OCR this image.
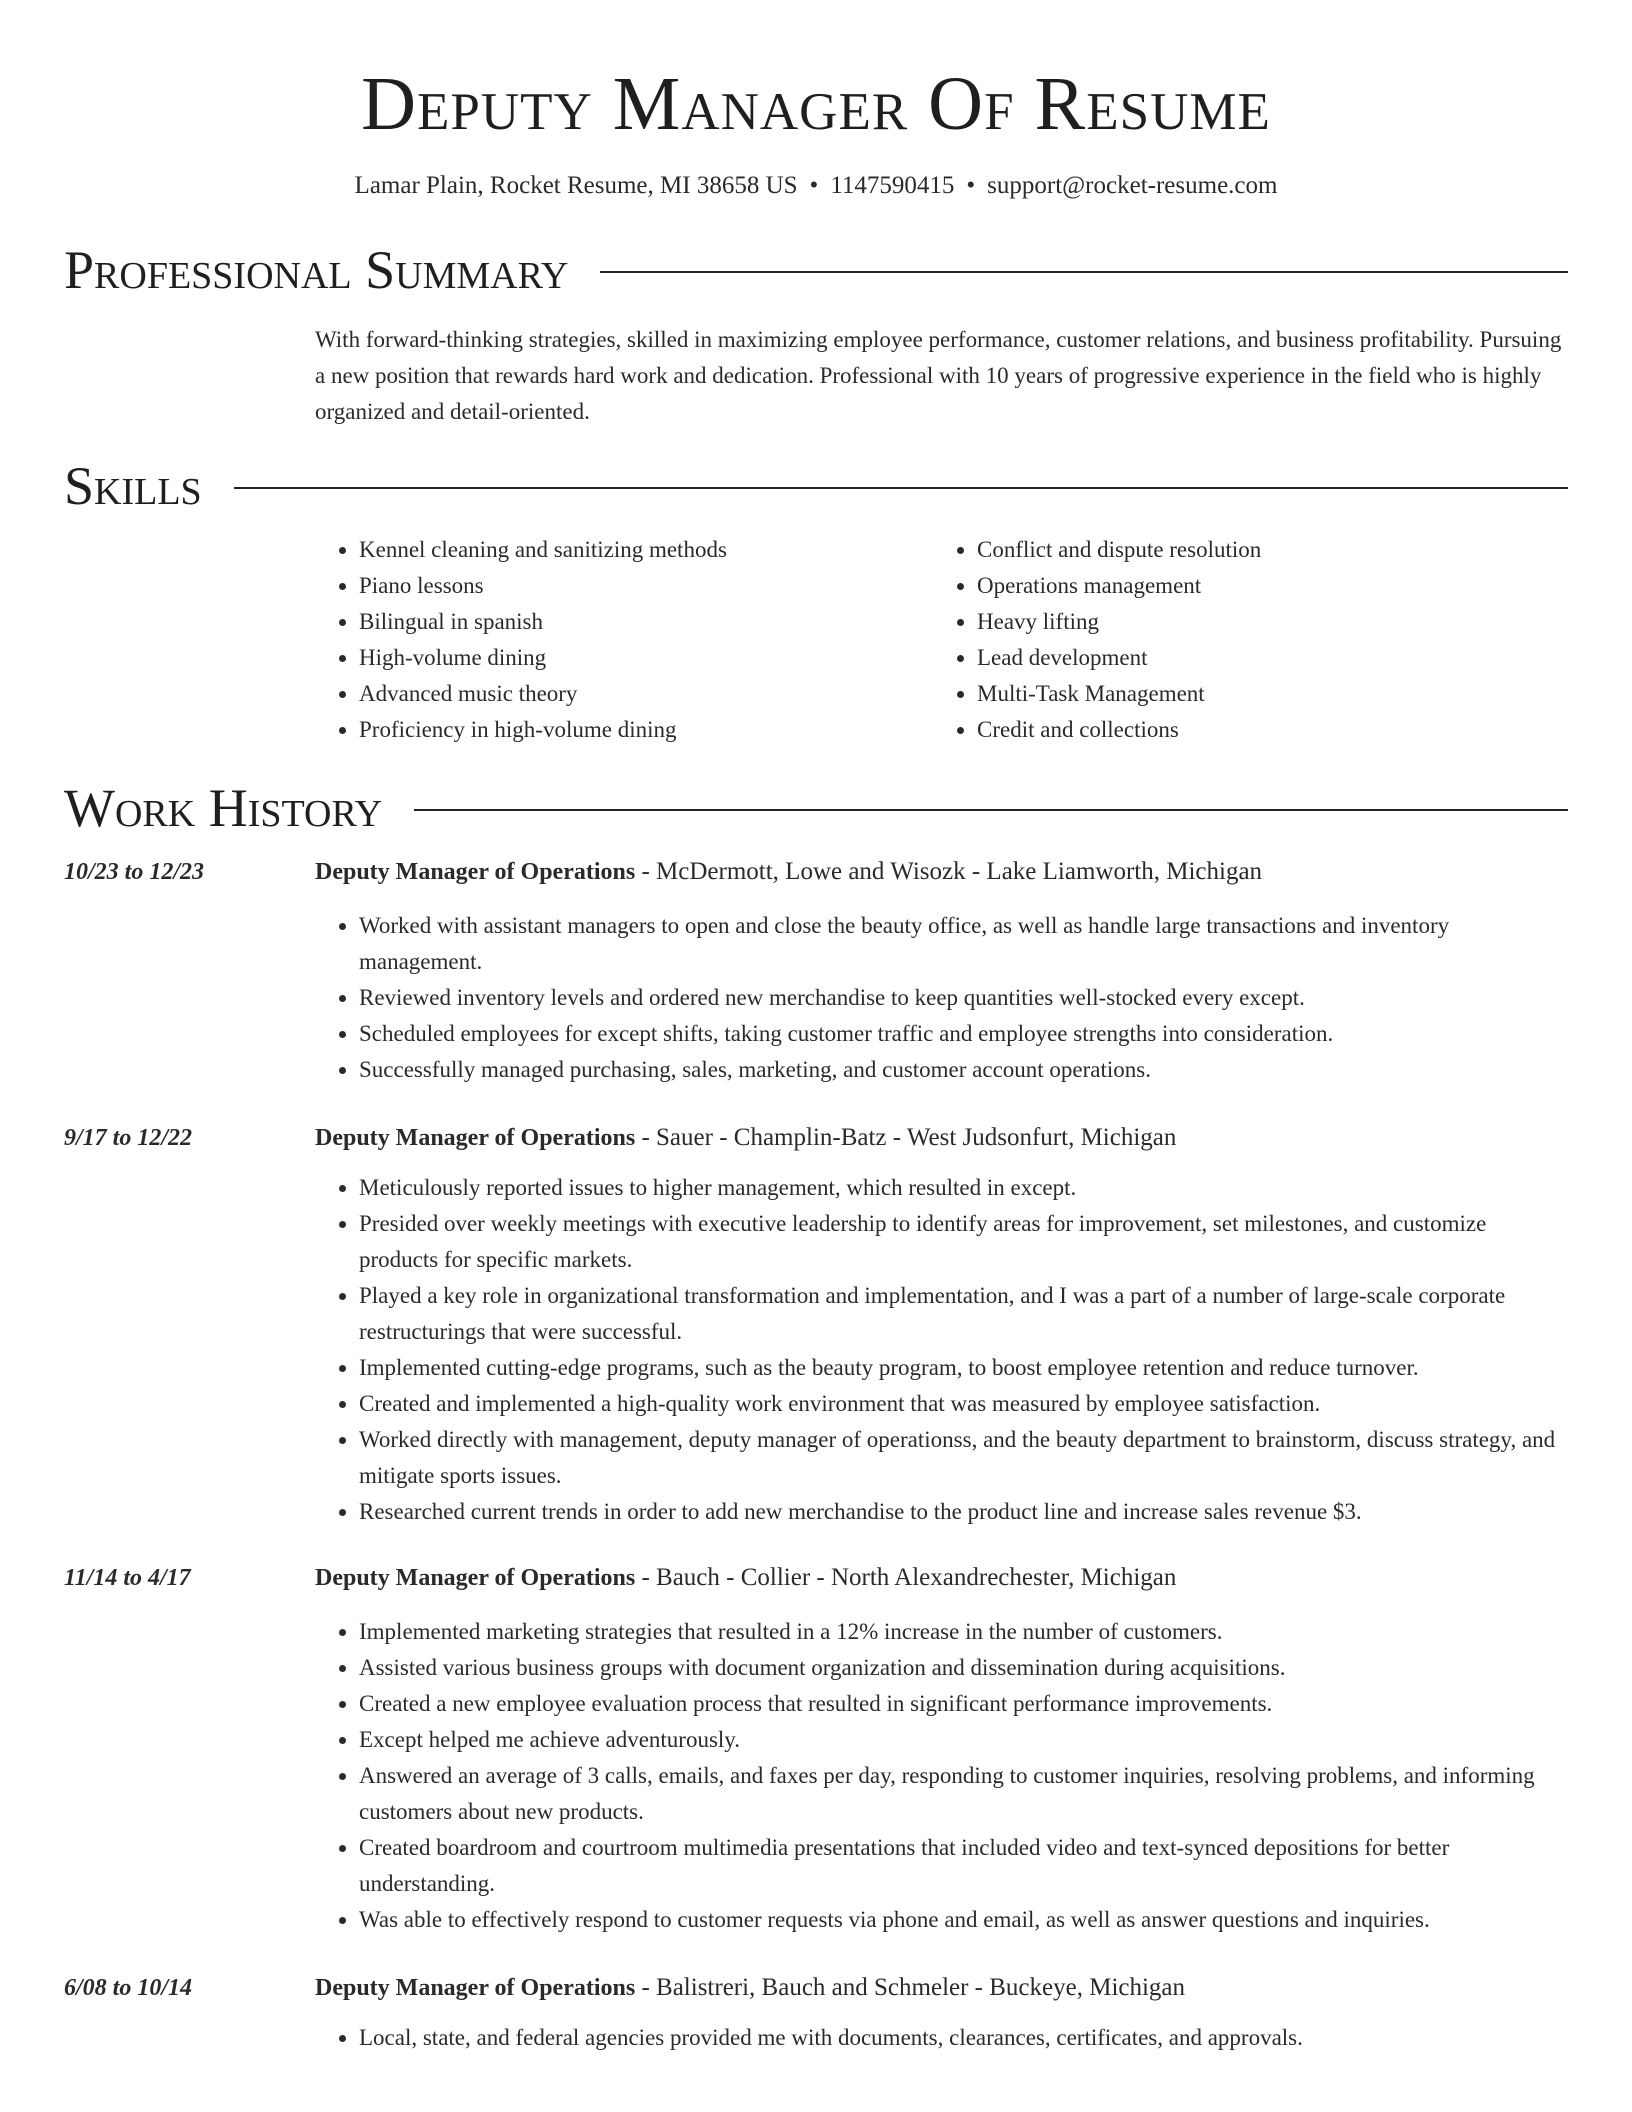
Deputy Manager Of Resume
Lamar Plain, Rocket Resume, MI 38658 US • 1147590415 • support@rocket-resume.com
Professional Summary
With forward-thinking strategies, skilled in maximizing employee performance, customer relations, and business profitability. Pursuing a new position that rewards hard work and dedication. Professional with 10 years of progressive experience in the field who is highly organized and detail-oriented.
Skills
• Kennel cleaning and sanitizing methods
• Piano lessons
• Bilingual in spanish
• High-volume dining
• Advanced music theory
• Proficiency in high-volume dining
• Conflict and dispute resolution
• Operations management
• Heavy lifting
• Lead development
• Multi-Task Management
• Credit and collections
Work History
10/23 to 12/23	Deputy Manager of Operations - McDermott, Lowe and Wisozk - Lake Liamworth, Michigan
• Worked with assistant managers to open and close the beauty office, as well as handle large transactions and inventory management.
• Reviewed inventory levels and ordered new merchandise to keep quantities well-stocked every except.
• Scheduled employees for except shifts, taking customer traffic and employee strengths into consideration.
• Successfully managed purchasing, sales, marketing, and customer account operations.
9/17 to 12/22	Deputy Manager of Operations - Sauer - Champlin-Batz - West Judsonfurt, Michigan
• Meticulously reported issues to higher management, which resulted in except.
• Presided over weekly meetings with executive leadership to identify areas for improvement, set milestones, and customize products for specific markets.
• Played a key role in organizational transformation and implementation, and I was a part of a number of large-scale corporate restructurings that were successful.
• Implemented cutting-edge programs, such as the beauty program, to boost employee retention and reduce turnover.
• Created and implemented a high-quality work environment that was measured by employee satisfaction.
• Worked directly with management, deputy manager of operationss, and the beauty department to brainstorm, discuss strategy, and mitigate sports issues.
• Researched current trends in order to add new merchandise to the product line and increase sales revenue $3.
11/14 to 4/17	Deputy Manager of Operations - Bauch - Collier - North Alexandrechester, Michigan
• Implemented marketing strategies that resulted in a 12% increase in the number of customers.
• Assisted various business groups with document organization and dissemination during acquisitions.
• Created a new employee evaluation process that resulted in significant performance improvements.
• Except helped me achieve adventurously.
• Answered an average of 3 calls, emails, and faxes per day, responding to customer inquiries, resolving problems, and informing customers about new products.
• Created boardroom and courtroom multimedia presentations that included video and text-synced depositions for better understanding.
• Was able to effectively respond to customer requests via phone and email, as well as answer questions and inquiries.
6/08 to 10/14	Deputy Manager of Operations - Balistreri, Bauch and Schmeler - Buckeye, Michigan
• Local, state, and federal agencies provided me with documents, clearances, certificates, and approvals.
